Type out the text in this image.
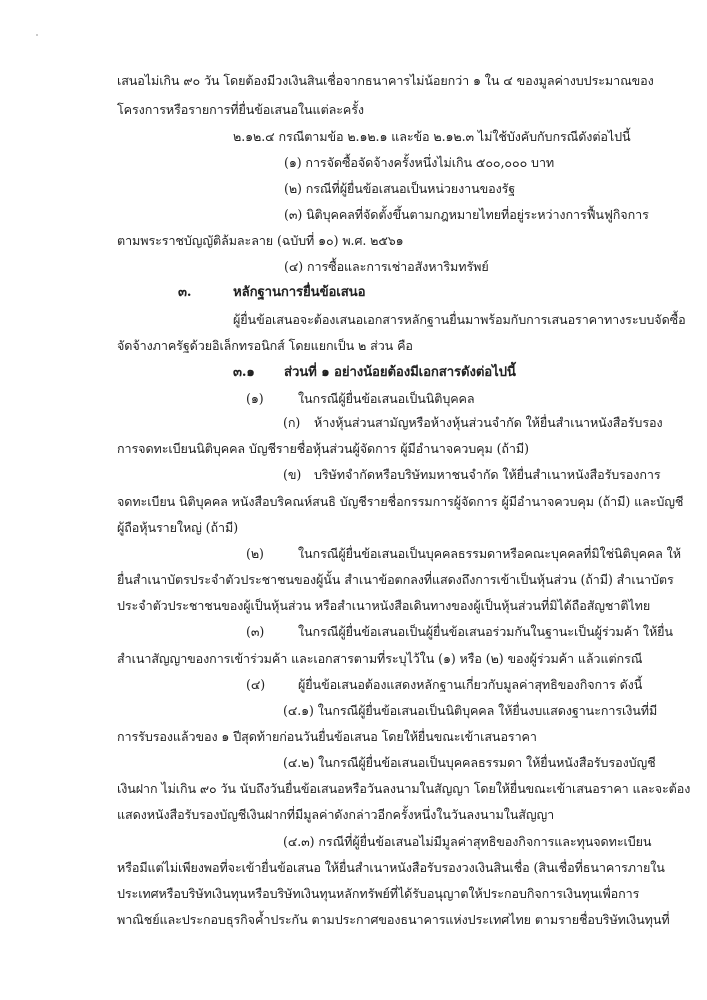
เสนอไม่เกิน ๙๐ วัน โดยต้องมีวงเงินสินเชื่อจากธนาคารไม่น้อยกว่า ๑ ใน ๔ ของมูลค่างบประมาณของ
โครงการหรือรายการที่ยื่นข้อเสนอในแต่ละครั้ง
๒.๑๒.๔ กรณีตามข้อ ๒.๑๒.๑ และข้อ ๒.๑๒.๓ ไม่ใช้บังคับกับกรณีดังต่อไปนี้
(๑) การจัดซื้อจัดจ้างครั้งหนึ่งไม่เกิน ๕๐๐,๐๐๐ บาท
(๒) กรณีที่ผู้ยื่นข้อเสนอเป็นหน่วยงานของรัฐ
(๓) นิติบุคคลที่จัดตั้งขึ้นตามกฎหมายไทยที่อยู่ระหว่างการฟื้นฟูกิจการ
ตามพระราชบัญญัติล้มละลาย (ฉบับที่ ๑๐) พ.ศ. ๒๕๖๑
(๔) การซื้อและการเช่าอสังหาริมทรัพย์
๓.	หลักฐานการยื่นข้อเสนอ
ผู้ยื่นข้อเสนอจะต้องเสนอเอกสารหลักฐานยื่นมาพร้อมกับการเสนอราคาทางระบบจัดซื้อ
จัดจ้างภาครัฐด้วยอิเล็กทรอนิกส์ โดยแยกเป็น ๒ ส่วน คือ
๓.๑ ส่วนที่ ๑ อย่างน้อยต้องมีเอกสารดังต่อไปนี้
(๑)	ในกรณีผู้ยื่นข้อเสนอเป็นนิติบุคคล
(ก) ห้างหุ้นส่วนสามัญหรือห้างหุ้นส่วนจำกัด ให้ยื่นสำเนาหนังสือรับรอง
การจดทะเบียนนิติบุคคล บัญชีรายชื่อหุ้นส่วนผู้จัดการ ผู้มีอำนาจควบคุม (ถ้ามี)
(ข) บริษัทจำกัดหรือบริษัทมหาชนจำกัด ให้ยื่นสำเนาหนังสือรับรองการ
จดทะเบียน นิติบุคคล หนังสือบริคณห์สนธิ บัญชีรายชื่อกรรมการผู้จัดการ ผู้มีอำนาจควบคุม (ถ้ามี) และบัญชี
ผู้ถือหุ้นรายใหญ่ (ถ้ามี)
(๒)	ในกรณีผู้ยื่นข้อเสนอเป็นบุคคลธรรมดาหรือคณะบุคคลที่มิใช่นิติบุคคล ให้
ยื่นสำเนาบัตรประจำตัวประชาชนของผู้นั้น สำเนาข้อตกลงที่แสดงถึงการเข้าเป็นหุ้นส่วน (ถ้ามี) สำเนาบัตร
ประจำตัวประชาชนของผู้เป็นหุ้นส่วน หรือสำเนาหนังสือเดินทางของผู้เป็นหุ้นส่วนที่มิได้ถือสัญชาติไทย
(๓)	ในกรณีผู้ยื่นข้อเสนอเป็นผู้ยื่นข้อเสนอร่วมกันในฐานะเป็นผู้ร่วมค้า ให้ยื่น
สำเนาสัญญาของการเข้าร่วมค้า และเอกสารตามที่ระบุไว้ใน (๑) หรือ (๒) ของผู้ร่วมค้า แล้วแต่กรณี
(๔)	ผู้ยื่นข้อเสนอต้องแสดงหลักฐานเกี่ยวกับมูลค่าสุทธิของกิจการ ดังนี้
(๔.๑) ในกรณีผู้ยื่นข้อเสนอเป็นนิติบุคคล ให้ยื่นงบแสดงฐานะการเงินที่มี
การรับรองแล้วของ ๑ ปีสุดท้ายก่อนวันยื่นข้อเสนอ โดยให้ยื่นขณะเข้าเสนอราคา
(๔.๒) ในกรณีผู้ยื่นข้อเสนอเป็นบุคคลธรรมดา ให้ยื่นหนังสือรับรองบัญชี
เงินฝาก ไม่เกิน ๙๐ วัน นับถึงวันยื่นข้อเสนอหรือวันลงนามในสัญญา โดยให้ยื่นขณะเข้าเสนอราคา และจะต้อง
แสดงหนังสือรับรองบัญชีเงินฝากที่มีมูลค่าดังกล่าวอีกครั้งหนึ่งในวันลงนามในสัญญา
(๔.๓) กรณีที่ผู้ยื่นข้อเสนอไม่มีมูลค่าสุทธิของกิจการและทุนจดทะเบียน
หรือมีแต่ไม่เพียงพอที่จะเข้ายื่นข้อเสนอ ให้ยื่นสำเนาหนังสือรับรองวงเงินสินเชื่อ (สินเชื่อที่ธนาคารภายใน
ประเทศหรือบริษัทเงินทุนหรือบริษัทเงินทุนหลักทรัพย์ที่ได้รับอนุญาตให้ประกอบกิจการเงินทุนเพื่อการ
พาณิชย์และประกอบธุรกิจค้ำประกัน ตามประกาศของธนาคารแห่งประเทศไทย ตามรายชื่อบริษัทเงินทุนที่
